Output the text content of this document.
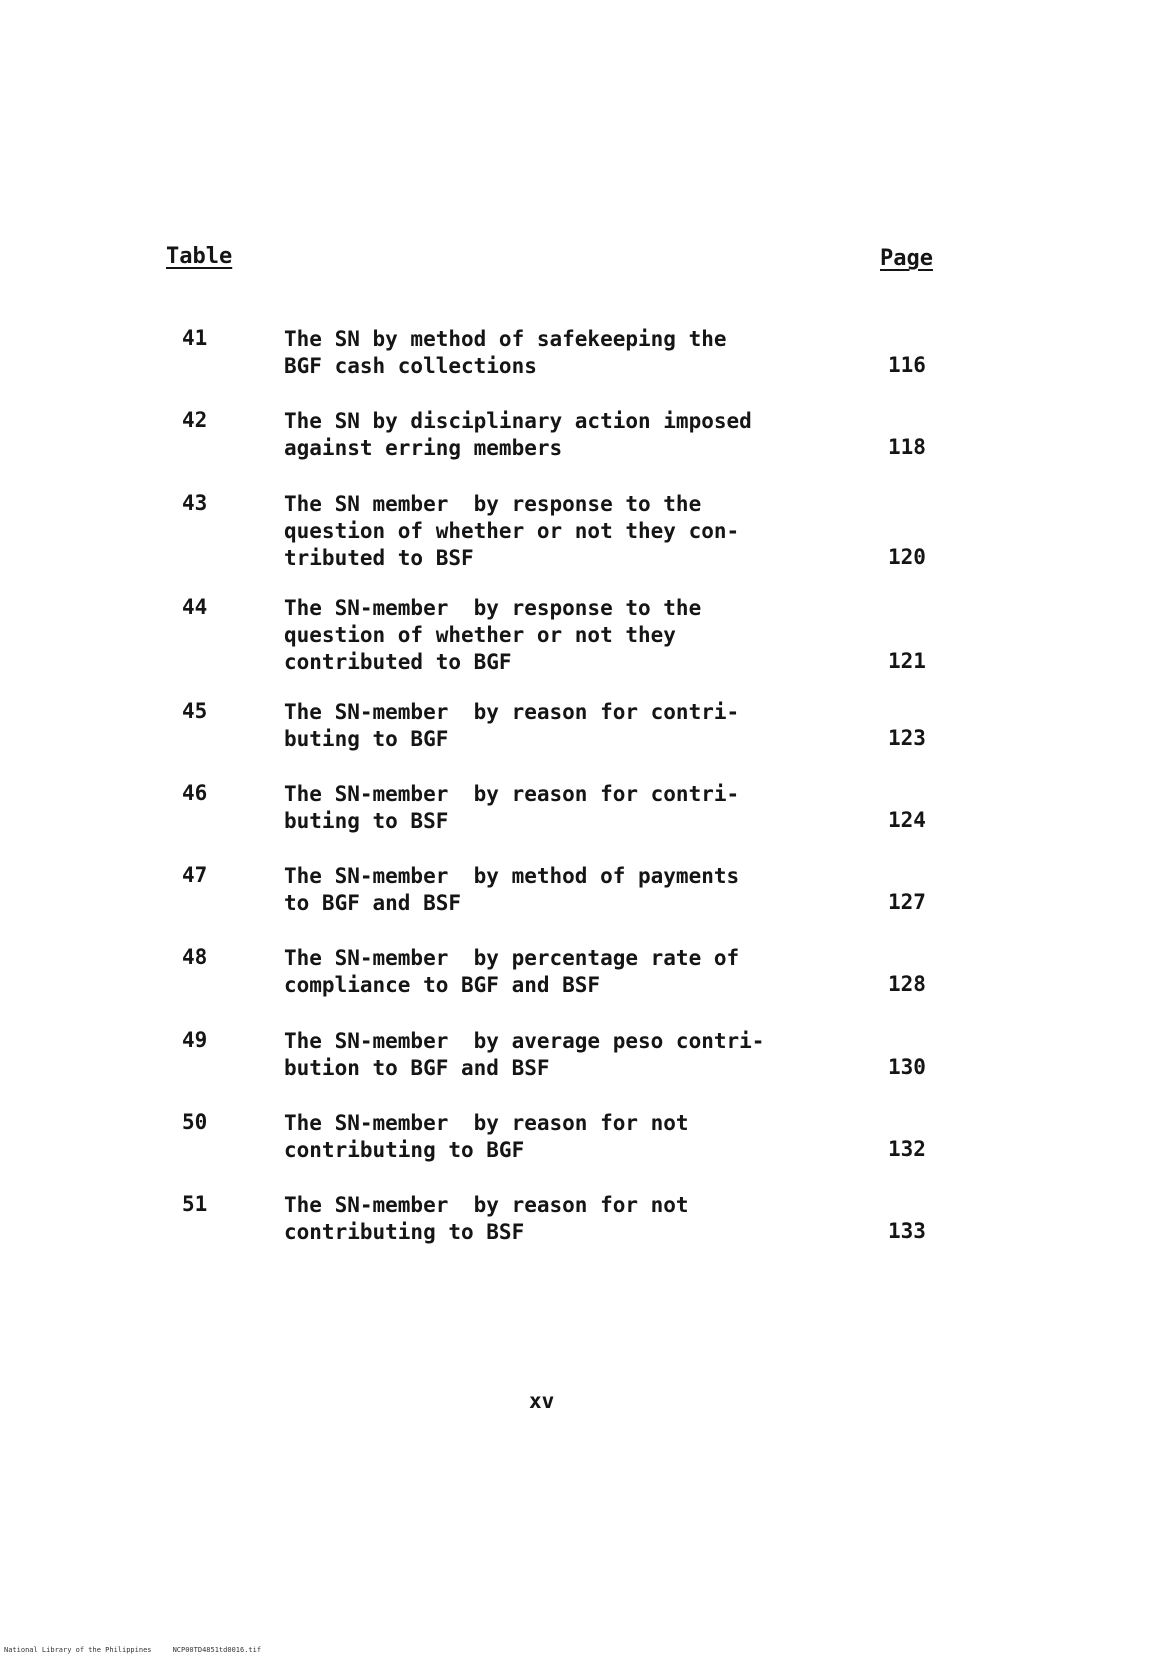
Table	Page
41	The SN by method of safekeeping the
BGF cash collections	116
42	The SN by disciplinary action imposed
against erring members	118
43	The SN member  by response to the
question of whether or not they con-
tributed to BSF	120
44	The SN-member  by response to the
question of whether or not they
contributed to BGF	121
45	The SN-member  by reason for contri-
buting to BGF	123
46	The SN-member  by reason for contri-
buting to BSF	124
47	The SN-member  by method of payments
to BGF and BSF	127
48	The SN-member  by percentage rate of
compliance to BGF and BSF	128
49	The SN-member  by average peso contri-
bution to BGF and BSF	130
50	The SN-member  by reason for not
contributing to BGF	132
51	The SN-member  by reason for not
contributing to BSF	133
xv
National Library of the Philippines     NCP00TD4851td0016.tif
